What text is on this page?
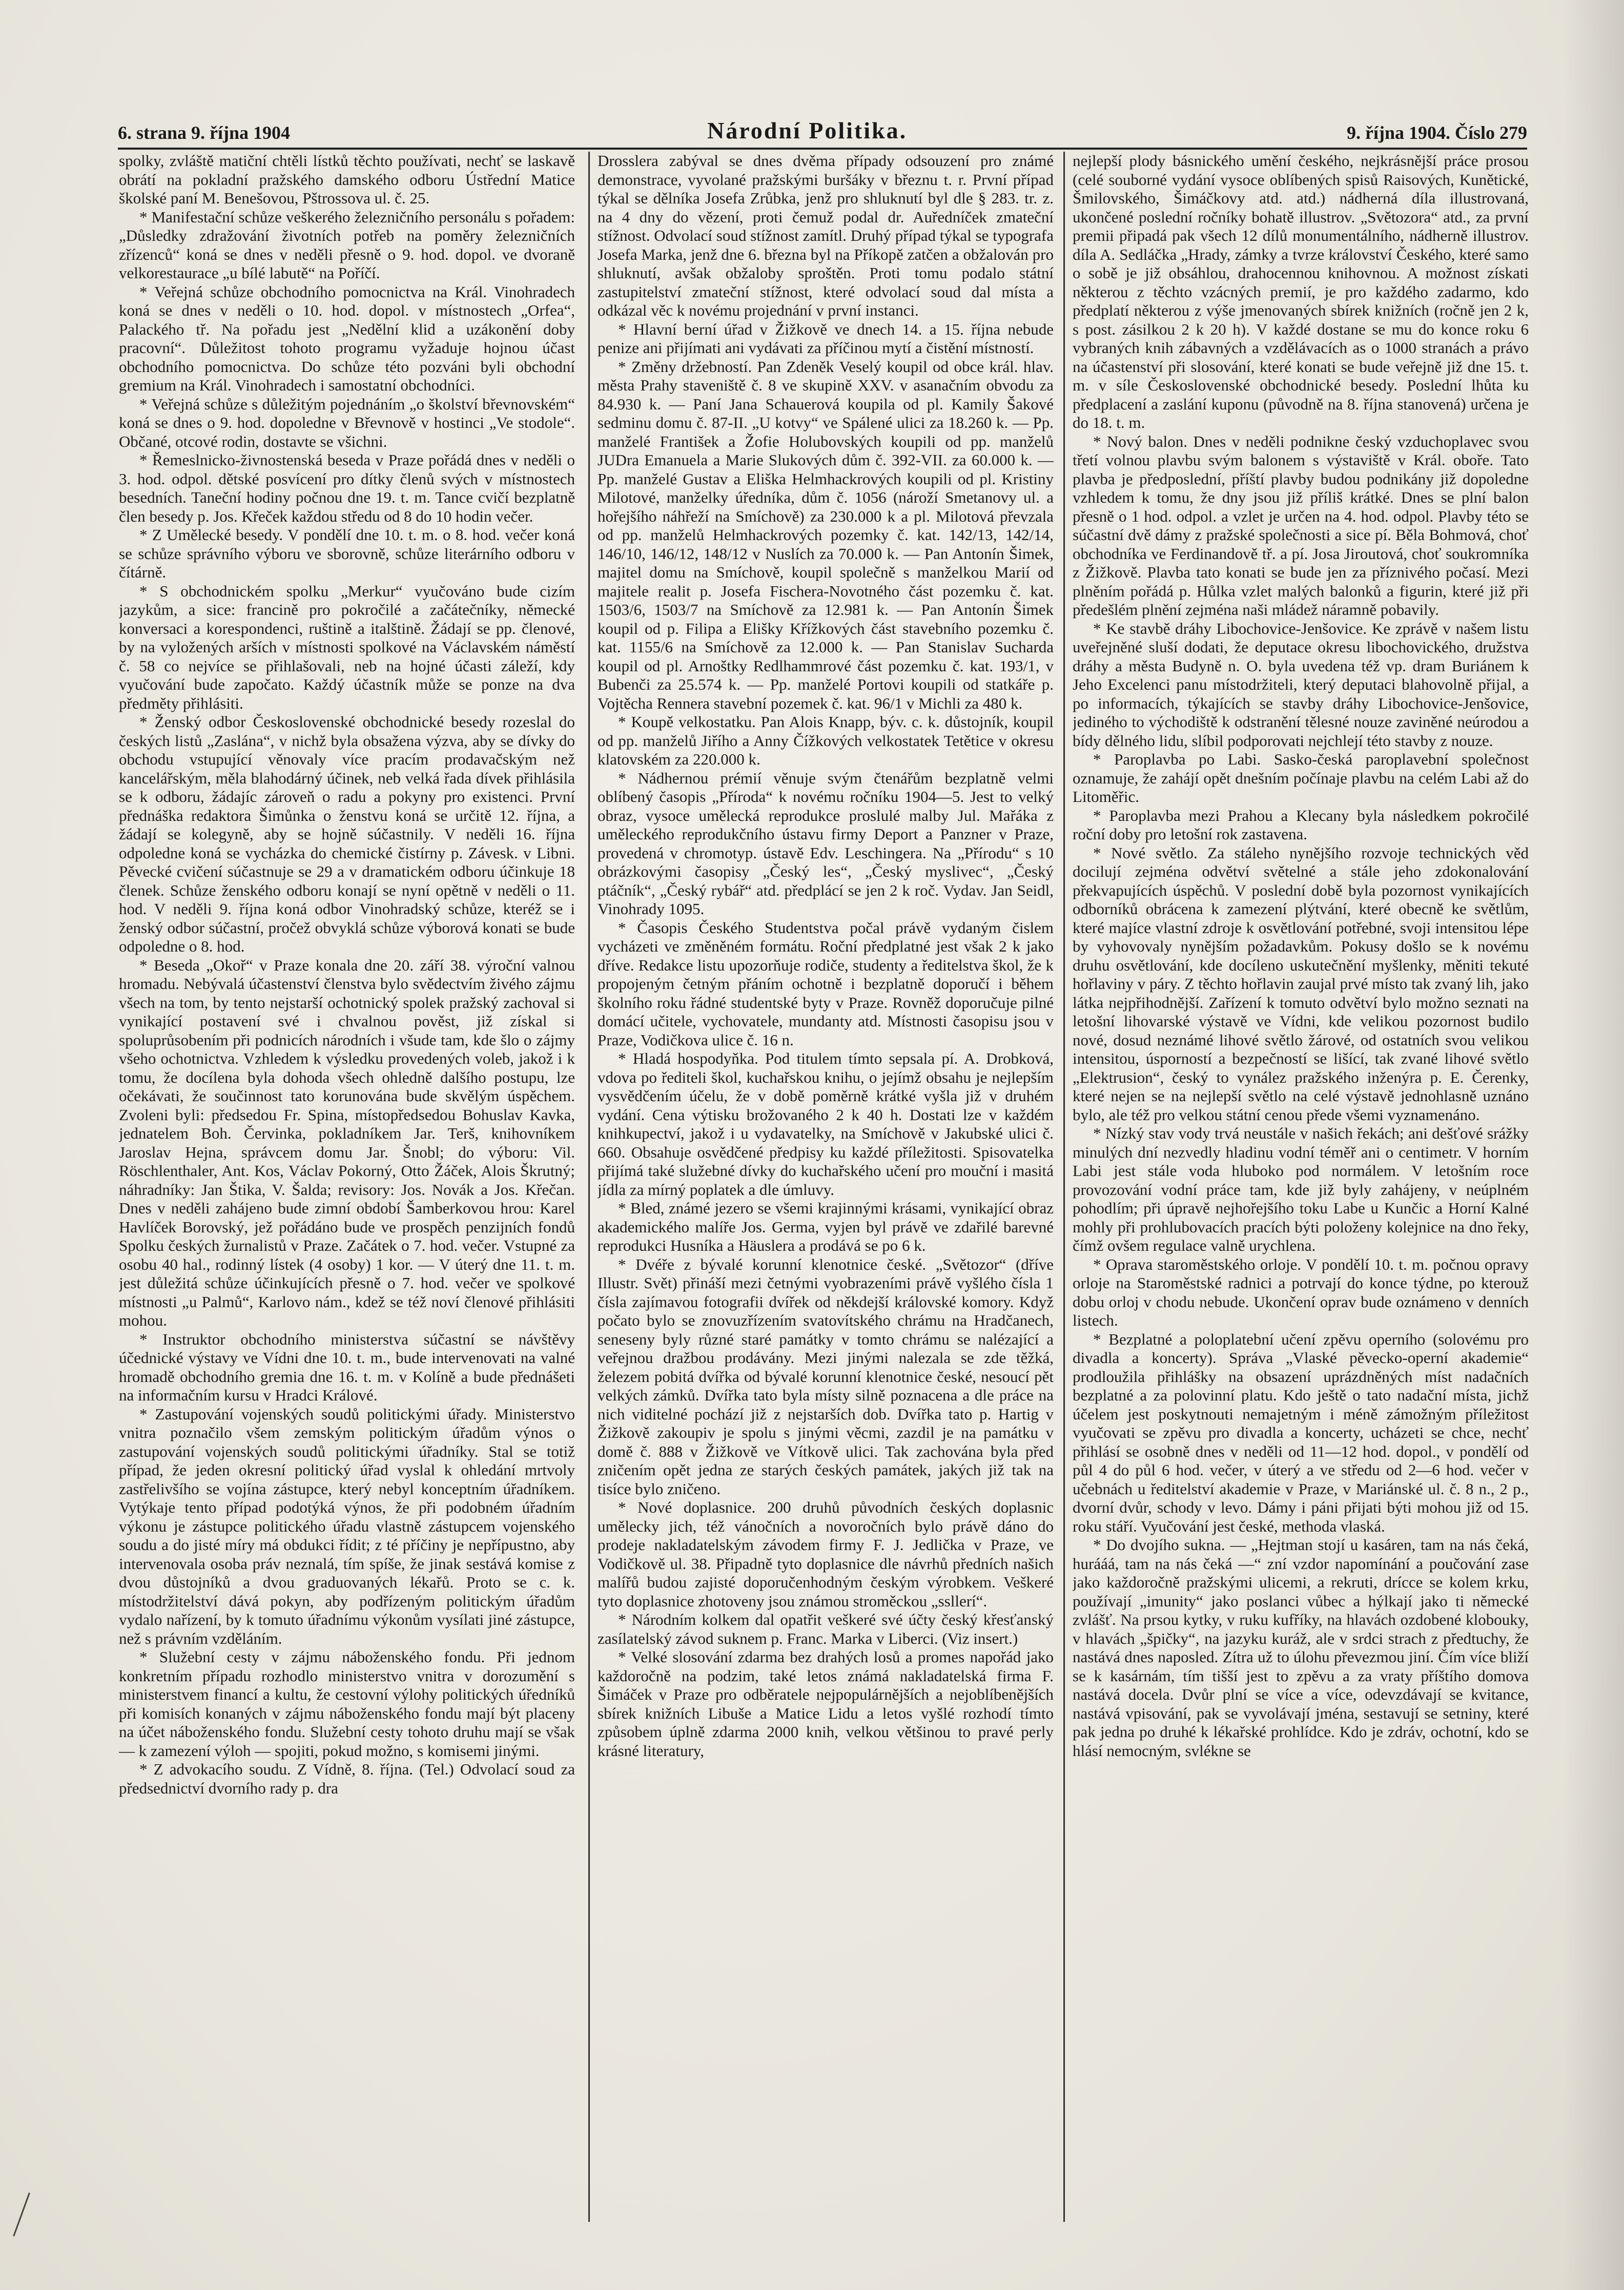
6. strana 9. října 1904	Národní Politika.	9. října 1904. Číslo 279

spolky, zvláště matiční chtěli lístků těchto používati, nechť se laskavě obrátí na pokladní pražského damského odboru Ústřední Matice školské paní M. Benešovou, Pštrossova ul. č. 25.

* Manifestační schůze veškerého železničního personálu s pořadem: „Důsledky zdražování životních potřeb na poměry železničních zřízenců“ koná se dnes v neděli přesně o 9. hod. dopol. ve dvoraně velkorestaurace „u bílé labutě“ na Poříčí.

* Veřejná schůze obchodního pomocnictva na Král. Vinohradech koná se dnes v neděli o 10. hod. dopol. v místnostech „Orfea“, Palackého tř. Na pořadu jest „Nedělní klid a uzákonění doby pracovní“. Důležitost tohoto programu vyžaduje hojnou účast obchodního pomocnictva. Do schůze této pozváni byli obchodní gremium na Král. Vinohradech i samostatní obchodníci.

* Veřejná schůze s důležitým pojednáním „o školství břevnovském“ koná se dnes o 9. hod. dopoledne v Břevnově v hostinci „Ve stodole“. Občané, otcové rodin, dostavte se všichni.

* Řemeslnicko-živnostenská beseda v Praze pořádá dnes v neděli o 3. hod. odpol. dětské posvícení pro dítky členů svých v místnostech besedních. Taneční hodiny počnou dne 19. t. m. Tance cvičí bezplatně člen besedy p. Jos. Křeček každou středu od 8 do 10 hodin večer.

* Z Umělecké besedy. V pondělí dne 10. t. m. o 8. hod. večer koná se schůze správního výboru ve sborovně, schůze literárního odboru v čítárně.

* S obchodnickém spolku „Merkur“ vyučováno bude cizím jazykům, a sice: francině pro pokročilé a začátečníky, německé konversaci a korespondenci, ruštině a italštině. Žádají se pp. členové, by na vyložených arších v místnosti spolkové na Václavském náměstí č. 58 co nejvíce se přihlašovali, neb na hojné účasti záleží, kdy vyučování bude započato. Každý účastník může se ponze na dva předměty přihlásiti.

* Ženský odbor Československé obchodnické besedy rozeslal do českých listů „Zaslána“, v nichž byla obsažena výzva, aby se dívky do obchodu vstupující věnovaly více pracím prodavačským než kancelářským, měla blahodárný účinek, neb velká řada dívek přihlásila se k odboru, žádajíc zároveň o radu a pokyny pro existenci. První přednáška redaktora Šimůnka o ženstvu koná se určitě 12. října, a žádají se kolegyně, aby se hojně súčastnily. V neděli 16. října odpoledne koná se vycházka do chemické čistírny p. Závesk. v Libni. Pěvecké cvičení súčastnuje se 29 a v dramatickém odboru účinkuje 18 členek. Schůze ženského odboru konají se nyní opětně v neděli o 11. hod. V neděli 9. října koná odbor Vinohradský schůze, kteréž se i ženský odbor súčastní, pročež obvyklá schůze výborová konati se bude odpoledne o 8. hod.

* Beseda „Okoř“ v Praze konala dne 20. září 38. výroční valnou hromadu. Nebývalá účastenství členstva bylo svědectvím živého zájmu všech na tom, by tento nejstarší ochotnický spolek pražský zachoval si vynikající postavení své i chvalnou pověst, již získal si spoluprůsobením při podnicích národních i všude tam, kde šlo o zájmy všeho ochotnictva. Vzhledem k výsledku provedených voleb, jakož i k tomu, že docílena byla dohoda všech ohledně dalšího postupu, lze očekávati, že součinnost tato korunována bude skvělým úspěchem. Zvoleni byli: předsedou Fr. Spina, místopředsedou Bohuslav Kavka, jednatelem Boh. Červinka, pokladníkem Jar. Terš, knihovníkem Jaroslav Hejna, správcem domu Jar. Šnobl; do výboru: Vil. Röschlenthaler, Ant. Kos, Václav Pokorný, Otto Žáček, Alois Škrutný; náhradníky: Jan Štika, V. Šalda; revisory: Jos. Novák a Jos. Křečan. Dnes v neděli zahájeno bude zimní období Šamberkovou hrou: Karel Havlíček Borovský, jež pořádáno bude ve prospěch penzijních fondů Spolku českých žurnalistů v Praze. Začátek o 7. hod. večer. Vstupné za osobu 40 hal., rodinný lístek (4 osoby) 1 kor. — V úterý dne 11. t. m. jest důležitá schůze účinkujících přesně o 7. hod. večer ve spolkové místnosti „u Palmů“, Karlovo nám., kdež se též noví členové přihlásiti mohou.

* Instruktor obchodního ministerstva súčastní se návštěvy účednické výstavy ve Vídni dne 10. t. m., bude intervenovati na valné hromadě obchodního gremia dne 16. t. m. v Kolíně a bude přednášeti na informačním kursu v Hradci Králové.

* Zastupování vojenských soudů politickými úřady. Ministerstvo vnitra poznačilo všem zemským politickým úřadům výnos o zastupování vojenských soudů politickými úřadníky. Stal se totiž případ, že jeden okresní politický úřad vyslal k ohledání mrtvoly zastřelivšího se vojína zástupce, který nebyl konceptním úřadníkem. Vytýkaje tento případ podotýká výnos, že při podobném úřadním výkonu je zástupce politického úřadu vlastně zástupcem vojenského soudu a do jisté míry má obdukci řídit; z té příčiny je nepřípustno, aby intervenovala osoba práv neznalá, tím spíše, že jinak sestává komise z dvou důstojníků a dvou graduovaných lékařů. Proto se c. k. místodržitelství dává pokyn, aby podřízeným politickým úřadům vydalo nařízení, by k tomuto úřadnímu výkonům vysílati jiné zástupce, než s právním vzděláním.

* Služební cesty v zájmu náboženského fondu. Při jednom konkretním případu rozhodlo ministerstvo vnitra v dorozumění s ministerstvem financí a kultu, že cestovní výlohy politických úředníků při komisích konaných v zájmu náboženského fondu mají být placeny na účet náboženského fondu. Služební cesty tohoto druhu mají se však — k zamezení výloh — spojiti, pokud možno, s komisemi jinými.

* Z advokacího soudu. Z Vídně, 8. října. (Tel.) Odvolací soud za předsednictví dvorního rady p. dra

Drosslera zabýval se dnes dvěma případy odsouzení pro známé demonstrace, vyvolané pražskými buršáky v březnu t. r. První případ týkal se dělníka Josefa Zrůbka, jenž pro shluknutí byl dle § 283. tr. z. na 4 dny do vězení, proti čemuž podal dr. Auředníček zmateční stížnost. Odvolací soud stížnost zamítl. Druhý případ týkal se typografa Josefa Marka, jenž dne 6. března byl na Příkopě zatčen a obžalován pro shluknutí, avšak obžaloby sproštěn. Proti tomu podalo státní zastupitelství zmateční stížnost, které odvolací soud dal místa a odkázal věc k novému projednání v první instanci.

* Hlavní berní úřad v Žižkově ve dnech 14. a 15. října nebude penize ani přijímati ani vydávati za příčinou mytí a čistění místností.

* Změny držebností. Pan Zdeněk Veselý koupil od obce král. hlav. města Prahy staveniště č. 8 ve skupině XXV. v asanačním obvodu za 84.930 k. — Paní Jana Schauerová koupila od pl. Kamily Šakové sedminu domu č. 87-II. „U kotvy“ ve Spálené ulici za 18.260 k. — Pp. manželé František a Žofie Holubovských koupili od pp. manželů JUDra Emanuela a Marie Slukových dům č. 392-VII. za 60.000 k. — Pp. manželé Gustav a Eliška Helmhackrových koupili od pl. Kristiny Milotové, manželky úředníka, dům č. 1056 (nároží Smetanovy ul. a hořejšího náhřeží na Smíchově) za 230.000 k a pl. Milotová převzala od pp. manželů Helmhackrových pozemky č. kat. 142/13, 142/14, 146/10, 146/12, 148/12 v Nuslích za 70.000 k. — Pan Antonín Šimek, majitel domu na Smíchově, koupil společně s manželkou Marií od majitele realit p. Josefa Fischera-Novotného část pozemku č. kat. 1503/6, 1503/7 na Smíchově za 12.981 k. — Pan Antonín Šimek koupil od p. Filipa a Elišky Křížkových část stavebního pozemku č. kat. 1155/6 na Smíchově za 12.000 k. — Pan Stanislav Suchardа koupil od pl. Arnoštky Redlhammrové část pozemku č. kat. 193/1, v Bubenči za 25.574 k. — Pp. manželé Portovi koupili od statkáře p. Vojtěcha Rennera stavební pozemek č. kat. 96/1 v Michli za 480 k.

* Koupě velkostatku. Pan Alois Knapp, býv. c. k. důstojník, koupil od pp. manželů Jiřího a Anny Čížkových velkostatek Tetětice v okresu klatovském za 220.000 k.

* Nádhernou prémií věnuje svým čtenářům bezplatně velmi oblíbený časopis „Příroda“ k novému ročníku 1904—5. Jest to velký obraz, vysoce umělecká reprodukce proslulé malby Jul. Mařáka z uměleckého reprodukčního ústavu firmy Deport a Panzner v Praze, provedená v chromotyp. ústavě Edv. Leschingera. Na „Přírodu“ s 10 obrázkovými časopisy „Český les“, „Český myslivec“, „Český ptáčník“, „Český rybář“ atd. předplácí se jen 2 k roč. Vydav. Jan Seidl, Vinohrady 1095.

* Časopis Českého Studentstva počal právě vydaným čislem vycházeti ve změněném formátu. Roční předplatné jest však 2 k jako dříve. Redakce listu upozorňuje rodiče, studenty a ředitelstva škol, že k propojeným četným přáním ochotně i bezplatně doporučí i během školního roku řádné studentské byty v Praze. Rovněž doporučuje pilné domácí učitele, vychovatele, mundanty atd. Místnosti časopisu jsou v Praze, Vodičkova ulice č. 16 n.

* Hladá hospodyňka. Pod titulem tímto sepsala pí. A. Drobková, vdova po řediteli škol, kuchařskou knihu, o jejímž obsahu je nejlepším vysvědčením účelu, že v době poměrně krátké vyšla již v druhém vydání. Cena výtisku brožovaného 2 k 40 h. Dostati lze v každém knihkupectví, jakož i u vydavatelky, na Smíchově v Jakubské ulici č. 660. Obsahuje osvědčené předpisy ku každé příležitosti. Spisovatelka přijímá také služebné dívky do kuchařského učení pro mouční i masitá jídla za mírný poplatek a dle úmluvy.

* Bled, známé jezero se všemi krajinnými krásami, vynikající obraz akademického malíře Jos. Germa, vyjen byl právě ve zdařilé barevné reprodukci Husníka a Häuslera a prodává se po 6 k.

* Dvéře z bývalé korunní klenotnice české. „Světozor“ (dříve Illustr. Svět) přináší mezi četnými vyobrazeními právě vyšlého čísla 1 čísla zajímavou fotografii dvířek od někdejší královské komory. Když počato bylo se znovuzřízením svatovítského chrámu na Hradčanech, seneseny byly různé staré památky v tomto chrámu se nalézající a veřejnou dražbou prodávány. Mezi jinými nalezala se zde těžká, železem pobitá dvířka od bývalé korunní klenotnice české, nesoucí pět velkých zámků. Dvířka tato byla místy silně poznacena a dle práce na nich viditelné pochází již z nejstarších dob. Dvířka tato p. Hartig v Žižkově zakoupiv je spolu s jinými věcmi, zazdil je na památku v domě č. 888 v Žižkově ve Vítkově ulici. Tak zachována byla před zničením opět jedna ze starých českých památek, jakých již tak na tisíce bylo zničeno.

* Nové doplasnice. 200 druhů původních českých doplasnic umělecky jich, též vánočních a novoročních bylo právě dáno do prodeje nakladatelským závodem firmy F. J. Jedlička v Praze, ve Vodičkově ul. 38. Připadně tyto doplasnice dle návrhů předních našich malířů budou zajisté doporučenhodným českým výrobkem. Veškeré tyto doplasnice zhotoveny jsou známou stroměckou „ssllerí“.

* Národním kolkem dal opatřit veškeré své účty český křesťanský zasílatelský závod suknem p. Franc. Marka v Liberci. (Viz insert.)

* Velké slosování zdarma bez drahých losů a promes napořád jako každoročně na podzim, také letos známá nakladatelská firma F. Šimáček v Praze pro odběratele nejpopulárnějších a nejoblíbenějších sbírek knižních Libuše a Matice Lidu a letos vyšlé rozhodí tímto způsobem úplně zdarma 2000 knih, velkou většinou to pravé perly krásné literatury,

nejlepší plody básnického umění českého, nejkrásnější práce prosou (celé souborné vydání vysoce oblíbených spisů Raisových, Kunětické, Šmilovského, Šimáčkovy atd. atd.) nádherná díla illustrovaná, ukončené poslední ročníky bohatě illustrov. „Světozora“ atd., za první premii připadá pak všech 12 dílů monumentálního, nádherně illustrov. díla A. Sedláčka „Hrady, zámky a tvrze království Českého, které samo o sobě je již obsáhlou, drahocennou knihovnou. A možnost získati některou z těchto vzácných premií, je pro každého zadarmo, kdo předplatí některou z výše jmenovaných sbírek knižních (ročně jen 2 k, s post. zásilkou 2 k 20 h). V každé dostane se mu do konce roku 6 vybraných knih zábavných a vzdělávacích as o 1000 stranách a právo na účastenství při slosování, které konati se bude veřejně již dne 15. t. m. v síle Československé obchodnické besedy. Poslední lhůta ku předplacení a zaslání kuponu (původně na 8. října stanovená) určena je do 18. t. m.

* Nový balon. Dnes v neděli podnikne český vzduchoplavec svou třetí volnou plavbu svým balonem s výstaviště v Král. oboře. Tato plavba je předposlední, příští plavby budou podnikány již dopoledne vzhledem k tomu, že dny jsou již příliš krátké. Dnes se plní balon přesně o 1 hod. odpol. a vzlet je určen na 4. hod. odpol. Plavby této se súčastní dvě dámy z pražské společnosti a sice pí. Běla Bohmová, choť obchodníka ve Ferdinandově tř. a pí. Josa Jiroutová, choť soukromníka z Žižkově. Plavba tato konati se bude jen za příznivého počasí. Mezi plněním pořádá p. Hůlka vzlet malých balonků a figurin, které již při předešlém plnění zejména naši mládež náramně pobavily.

* Ke stavbě dráhy Libochovice-Jenšovice. Ke zprávě v našem listu uveřejněné sluší dodati, že deputace okresu libochovického, družstva dráhy a města Budyně n. O. byla uvedena též vp. dram Buriánem k Jeho Excelenci panu místodržiteli, který deputaci blahovolně přijal, a po informacích, týkajících se stavby dráhy Libochovice-Jenšovice, jediného to východiště k odstranění tělesné nouze zaviněné neúrodou a bídy dělného lidu, slíbil podporovati nejchlejí této stavby z nouze.

* Paroplavba po Labi. Sasko-česká paroplavební společnost oznamuje, že zahájí opět dnešním počínaje plavbu na celém Labi až do Litoměřic.

* Paroplavba mezi Prahou a Klecany byla následkem pokročilé roční doby pro letošní rok zastavena.

* Nové světlo. Za stáleho nynějšího rozvoje technických věd docilují zejména odvětví světelné a stále jeho zdokonalování překvapujících úspěchů. V poslední době byla pozornost vynikajících odborníků obrácena k zamezení plýtvání, které obecně ke světlům, které majíce vlastní zdroje k osvětlování potřebné, svoji intensitou lépe by vyhovovaly nynějším požadavkům. Pokusy došlo se k novému druhu osvětlování, kde docíleno uskutečnění myšlenky, měniti tekuté hořlaviny v páry. Z těchto hořlavin zaujal prvé místo tak zvaný lih, jako látka nejpřihodnější. Zařízení k tomuto odvětví bylo možno seznati na letošní lihovarské výstavě ve Vídni, kde velikou pozornost budilo nové, dosud neznámé lihové světlo žárové, od ostatních svou velikou intensitou, úsporností a bezpečností se lišící, tak zvané lihové světlo „Elektrusion“, český to vynález pražského inženýra p. E. Čerenky, které nejen se na nejlepší světlo na celé výstavě jednohlasně uznáno bylo, ale též pro velkou státní cenou přede všemi vyznamenáno.

* Nízký stav vody trvá neustále v našich řekách; ani dešťové srážky minulých dní nezvedly hladinu vodní téměř ani o centimetr. V horním Labi jest stále voda hluboko pod normálem. V letošním roce provozování vodní práce tam, kde již byly zahájeny, v neúplném pohodlím; při úpravě nejhořejšího toku Labe u Kunčic a Horní Kalné mohly při prohlubovacích pracích býti položeny kolejnice na dno řeky, čímž ovšem regulace valně urychlena.

* Oprava staroměstského orloje. V pondělí 10. t. m. počnou opravy orloje na Staroměstské radnici a potrvají do konce týdne, po kterouž dobu orloj v chodu nebude. Ukončení oprav bude oznámeno v denních listech.

* Bezplatné a poloplatební učení zpěvu operního (solovému pro divadla a koncerty). Správa „Vlaské pěvecko-operní akademie“ prodloužila přihlášky na obsazení uprázdněných míst nadačních bezplatné a za polovinní platu. Kdo ještě o tato nadační místa, jichž účelem jest poskytnouti nemajetným i méně zámožným příležitost vyučovati se zpěvu pro divadla a koncerty, ucházeti se chce, nechť přihlásí se osobně dnes v neděli od 11—12 hod. dopol., v pondělí od půl 4 do půl 6 hod. večer, v úterý a ve středu od 2—6 hod. večer v učebnách u ředitelství akademie v Praze, v Mariánské ul. č. 8 n., 2 p., dvorní dvůr, schody v levo. Dámy i páni přijati býti mohou již od 15. roku stáří. Vyučování jest české, methoda vlaská.

* Do dvojího sukna. — „Hejtman stojí u kasáren, tam na nás čeká, hurááá, tam na nás čeká —“ zní vzdor napomínání a poučování zase jako každoročně pražskými ulicemi, a rekruti, drícce se kolem krku, používají „imunity“ jako poslanci vůbec a hýlkají jako ti německé zvlášť. Na prsou kytky, v ruku kufříky, na hlavách ozdobené klobouky, v hlavách „špičky“, na jazyku kuráž, ale v srdci strach z předtuchy, že nastává dnes naposled. Zítra už to úlohu převezmou jiní. Čím více bliží se k kasárnám, tím tišší jest to zpěvu a za vraty příštího domova nastává docela. Dvůr plní se více a více, odevzdávají se kvitance, nastává vpisování, pak se vyvolávají jména, sestavují se setniny, které pak jedna po druhé k lékařské prohlídce. Kdo je zdráv, ochotní, kdo se hlásí nemocným, svlékne se
